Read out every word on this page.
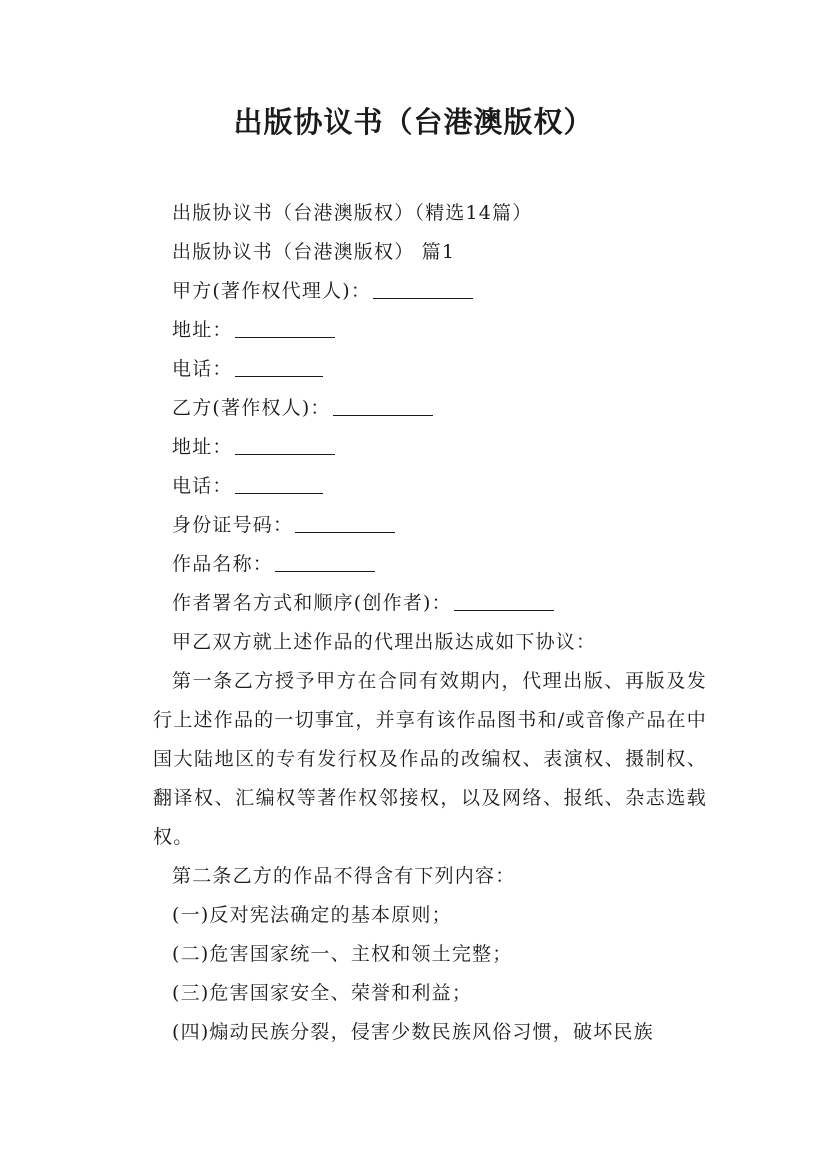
出版协议书（台港澳版权）
出版协议书（台港澳版权）（精选14篇）
出版协议书（台港澳版权） 篇1
甲方(著作权代理人)：
地址：
电话：
乙方(著作权人)：
地址：
电话：
身份证号码：
作品名称：
作者署名方式和顺序(创作者)：
甲乙双方就上述作品的代理出版达成如下协议：
第一条乙方授予甲方在合同有效期内，代理出版、再版及发行上述作品的一切事宜，并享有该作品图书和/或音像产品在中国大陆地区的专有发行权及作品的改编权、表演权、摄制权、翻译权、汇编权等著作权邻接权，以及网络、报纸、杂志选载权。
第二条乙方的作品不得含有下列内容：
(一)反对宪法确定的基本原则；
(二)危害国家统一、主权和领土完整；
(三)危害国家安全、荣誉和利益；
(四)煽动民族分裂，侵害少数民族风俗习惯，破坏民族
